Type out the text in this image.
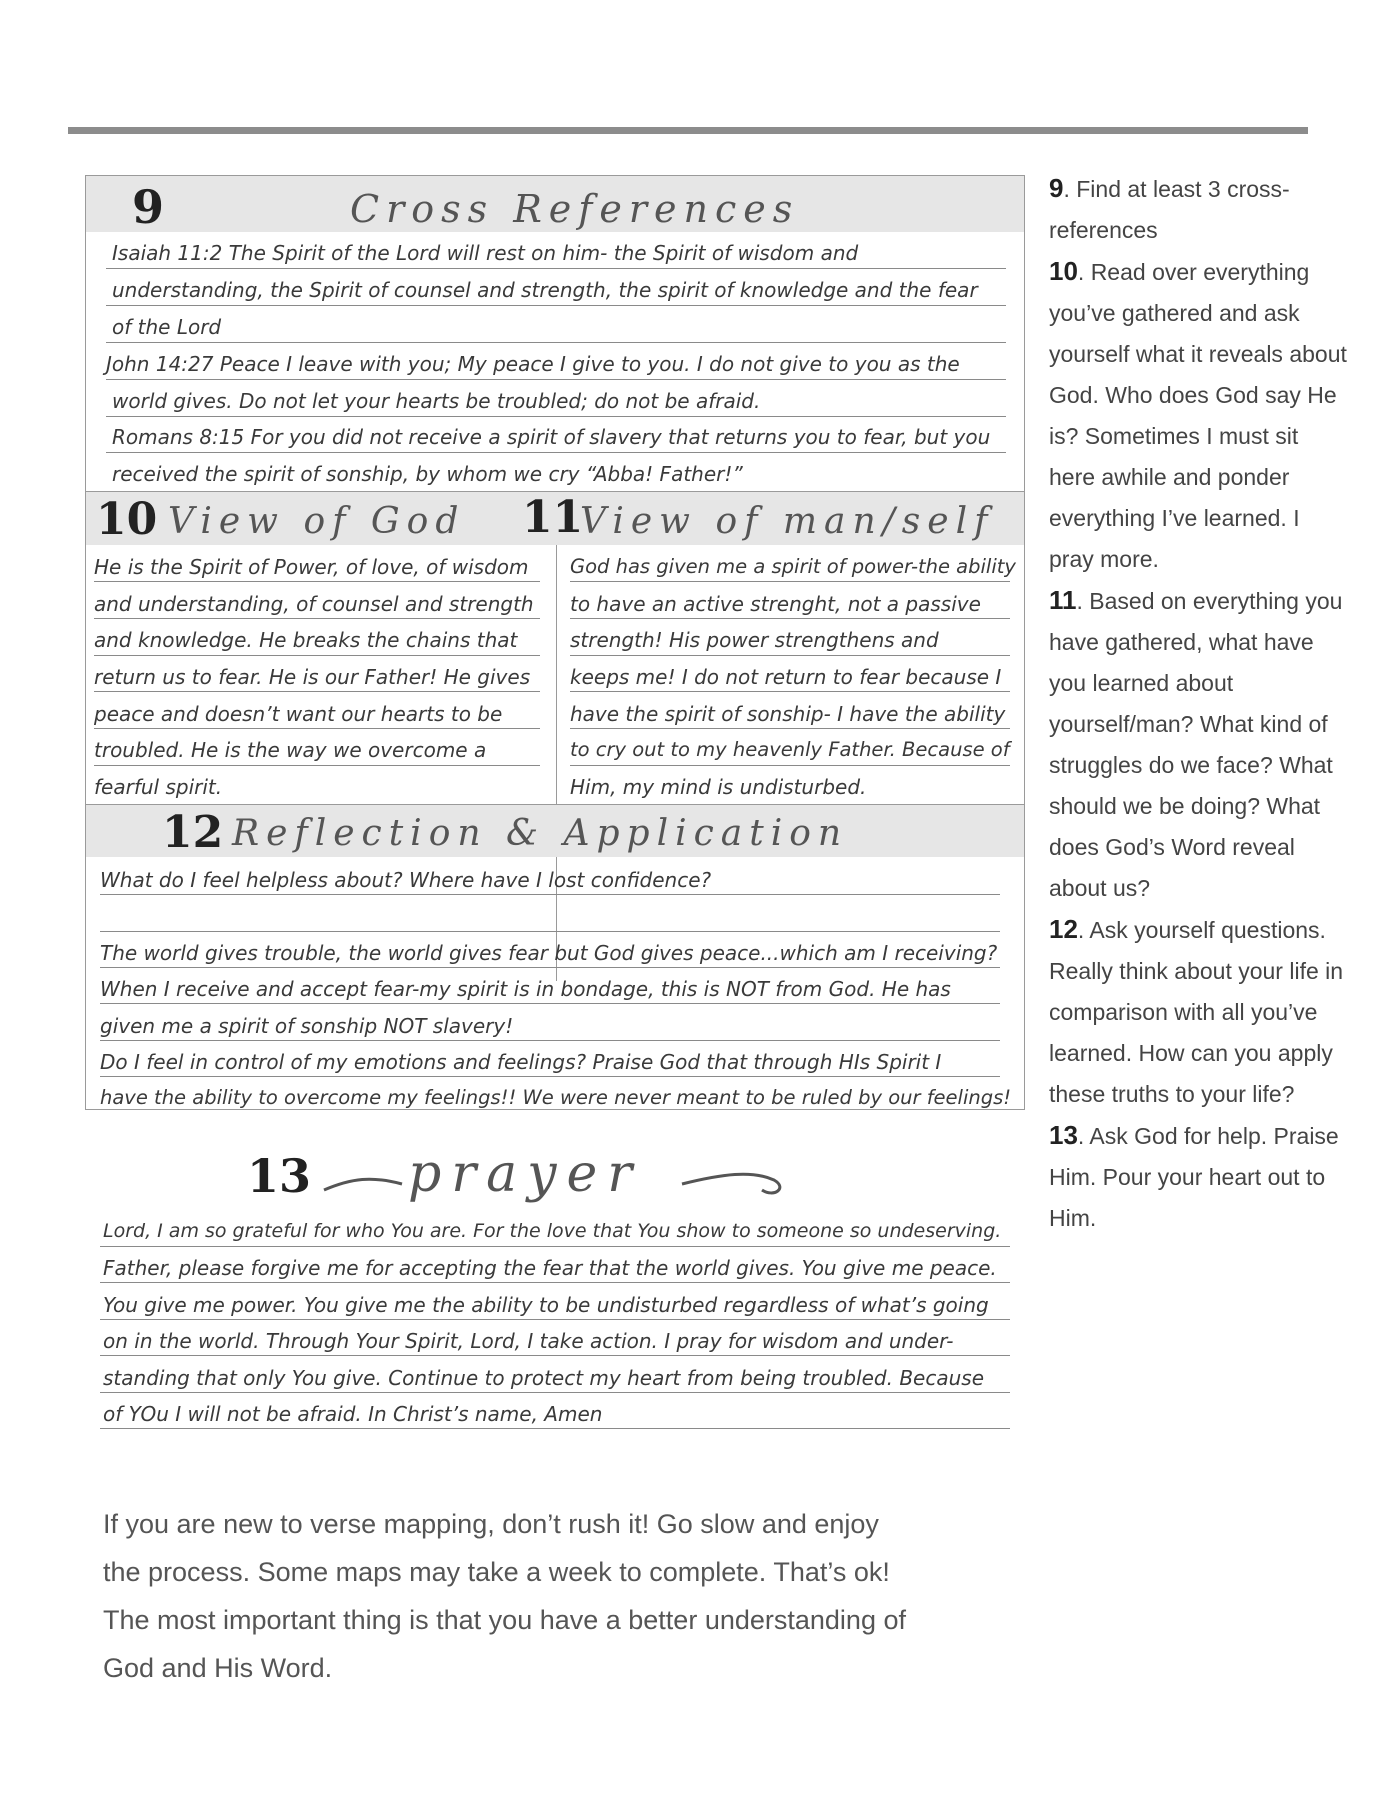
9	Cross References
Isaiah 11:2 The Spirit of the Lord will rest on him- the Spirit of wisdom and
understanding, the Spirit of counsel and strength, the spirit of knowledge and the fear
of the Lord
John 14:27 Peace I leave with you; My peace I give to you. I do not give to you as the
world gives. Do not let your hearts be troubled; do not be afraid.
Romans 8:15 For you did not receive a spirit of slavery that returns you to fear, but you
received the spirit of sonship, by whom we cry “Abba! Father!”
10 View of God 11
View of man/self
He is the Spirit of Power, of love, of wisdom
and understanding, of counsel and strength
and knowledge. He breaks the chains that
return us to fear. He is our Father! He gives
peace and doesn’t want our hearts to be
troubled. He is the way we overcome a
fearful spirit.
God has given me a spirit of power-the ability
to have an active strenght, not a passive
strength! His power strengthens and
keeps me! I do not return to fear because I
have the spirit of sonship- I have the ability
to cry out to my heavenly Father. Because of
Him, my mind is undisturbed.
12 Reflection & Application
What do I feel helpless about? Where have I lost confidence?
The world gives trouble, the world gives fear but God gives peace...which am I receiving?
When I receive and accept fear-my spirit is in bondage, this is NOT from God. He has
given me a spirit of sonship NOT slavery!
Do I feel in control of my emotions and feelings? Praise God that through HIs Spirit I
have the ability to overcome my feelings!! We were never meant to be ruled by our feelings!
13 prayer
Lord, I am so grateful for who You are. For the love that You show to someone so undeserving.
Father, please forgive me for accepting the fear that the world gives. You give me peace.
You give me power. You give me the ability to be undisturbed regardless of what’s going
on in the world. Through Your Spirit, Lord, I take action. I pray for wisdom and under-
standing that only You give. Continue to protect my heart from being troubled. Because
of YOu I will not be afraid. In Christ’s name, Amen

9. Find at least 3 cross-references

10. Read over everything you’ve gathered and ask yourself what it reveals about God. Who does God say He is? Sometimes I must sit here awhile and ponder everything I’ve learned. I pray more.

11. Based on everything you have gathered, what have you learned about yourself/man? What kind of struggles do we face? What should we be doing? What does God’s Word reveal about us?

12. Ask yourself questions. Really think about your life in comparison with all you’ve learned. How can you apply these truths to your life?

13. Ask God for help. Praise Him. Pour your heart out to Him.

If you are new to verse mapping, don’t rush it! Go slow and enjoy the process. Some maps may take a week to complete. That’s ok! The most important thing is that you have a better understanding of God and His Word.
